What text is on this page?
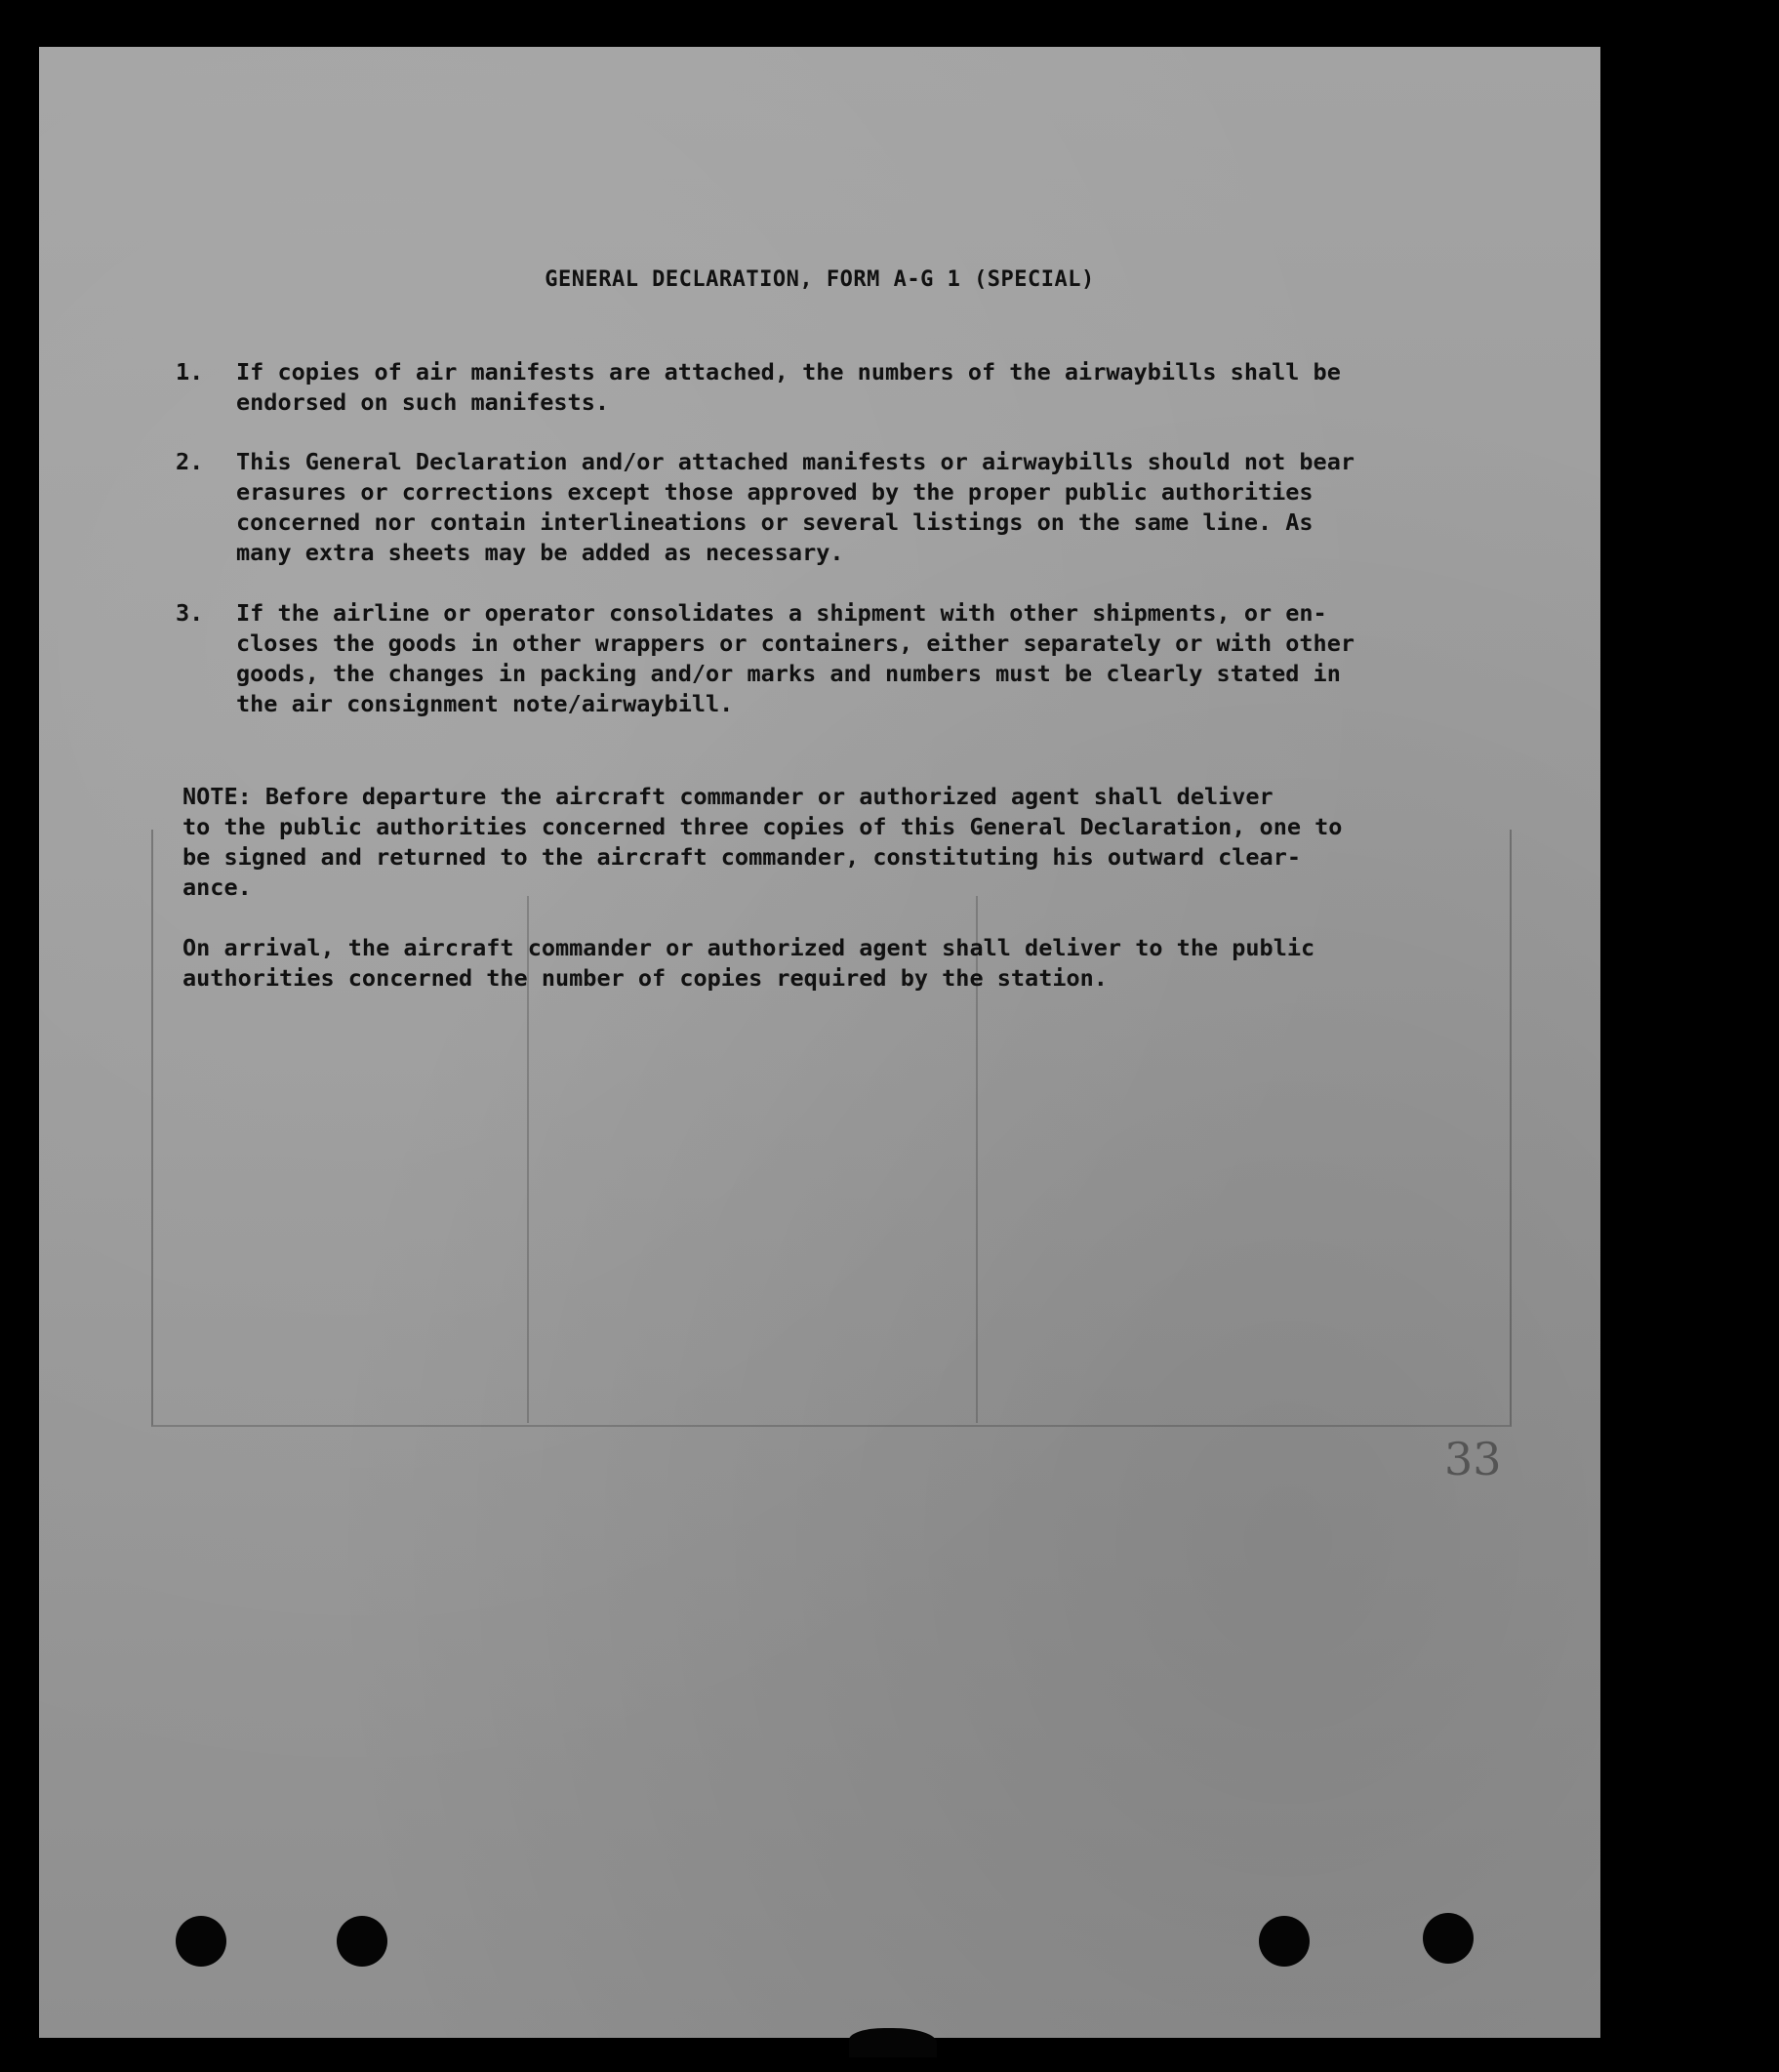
GENERAL DECLARATION, FORM A-G 1 (SPECIAL)
1.	If copies of air manifests are attached, the numbers of the airwaybills shall be
endorsed on such manifests.
2.	This General Declaration and/or attached manifests or airwaybills should not bear
erasures or corrections except those approved by the proper public authorities
concerned nor contain interlineations or several listings on the same line. As
many extra sheets may be added as necessary.
3.	If the airline or operator consolidates a shipment with other shipments, or en-
closes the goods in other wrappers or containers, either separately or with other
goods, the changes in packing and/or marks and numbers must be clearly stated in
the air consignment note/airwaybill.
NOTE: Before departure the aircraft commander or authorized agent shall deliver
to the public authorities concerned three copies of this General Declaration, one to
be signed and returned to the aircraft commander, constituting his outward clear-
ance.
On arrival, the aircraft commander or authorized agent shall deliver to the public
authorities concerned the number of copies required by the station.
33
